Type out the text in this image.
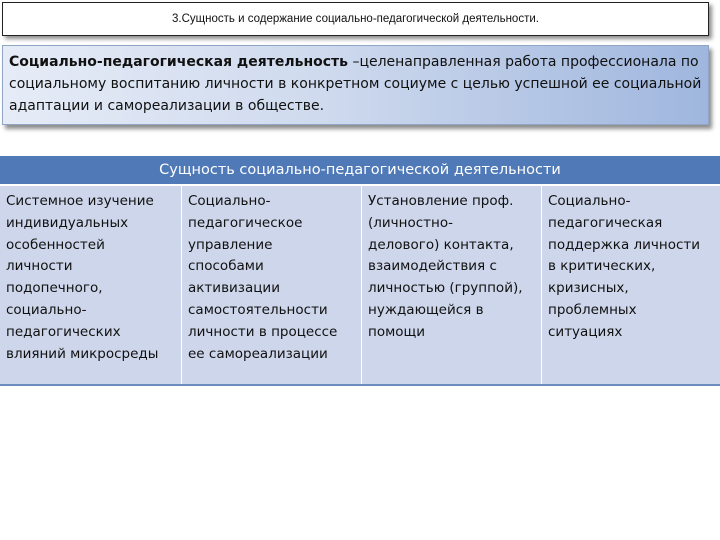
3.Сущность и содержание социально-педагогической деятельности.
Социально-педагогическая деятельность –целенаправленная работа профессионала по социальному воспитанию личности в конкретном социуме с целью успешной ее социальной адаптации и самореализации в обществе.
Сущность социально-педагогической деятельности
Системное изучение
индивидуальных
особенностей
личности
подопечного,
социально-
педагогических
влияний микросреды
Социально-
педагогическое
управление
способами
активизации
самостоятельности
личности в процессе
ее самореализации
Установление проф.
(личностно-
делового) контакта,
взаимодействия с
личностью (группой),
нуждающейся в
помощи
Социально-
педагогическая
поддержка личности
в критических,
кризисных,
проблемных
ситуациях
